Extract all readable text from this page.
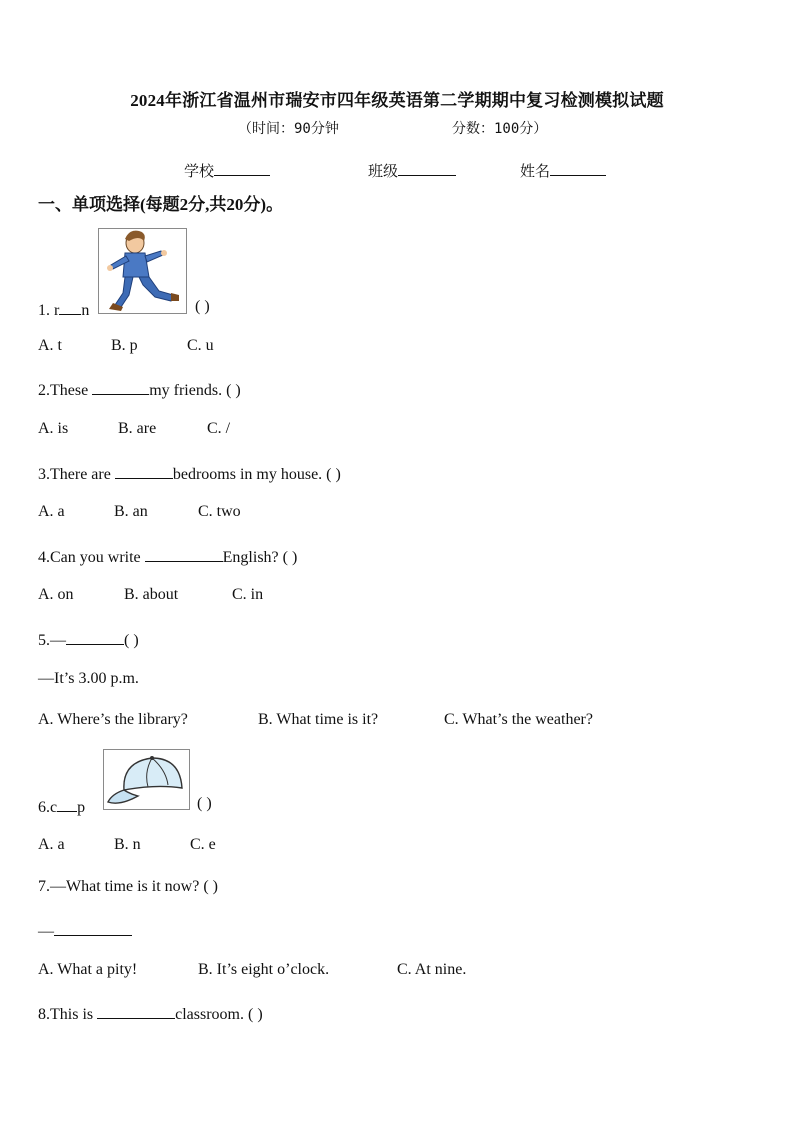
2024年浙江省温州市瑞安市四年级英语第二学期期中复习检测模拟试题
（时间：90分钟	分数：100分）
学校	班级	姓名
一、单项选择(每题2分,共20分)。
1. r n	( )
A. t	B. p	C. u
2.These	my friends. ( )
A. is	B. are	C. /
3.There are	bedrooms in my house. ( )
A. a	B. an	C. two
4.Can you write	English? ( )
A. on	B. about	C. in
5.—	( )
—It’s 3.00 p.m.
A. Where’s the library?	B. What time is it?	C. What’s the weather?
6.c p	( )
A. a	B. n	C. e
7.—What time is it now? ( )
—
A. What a pity!	B. It’s eight o’clock.	C. At nine.
8.This is	classroom. ( )
